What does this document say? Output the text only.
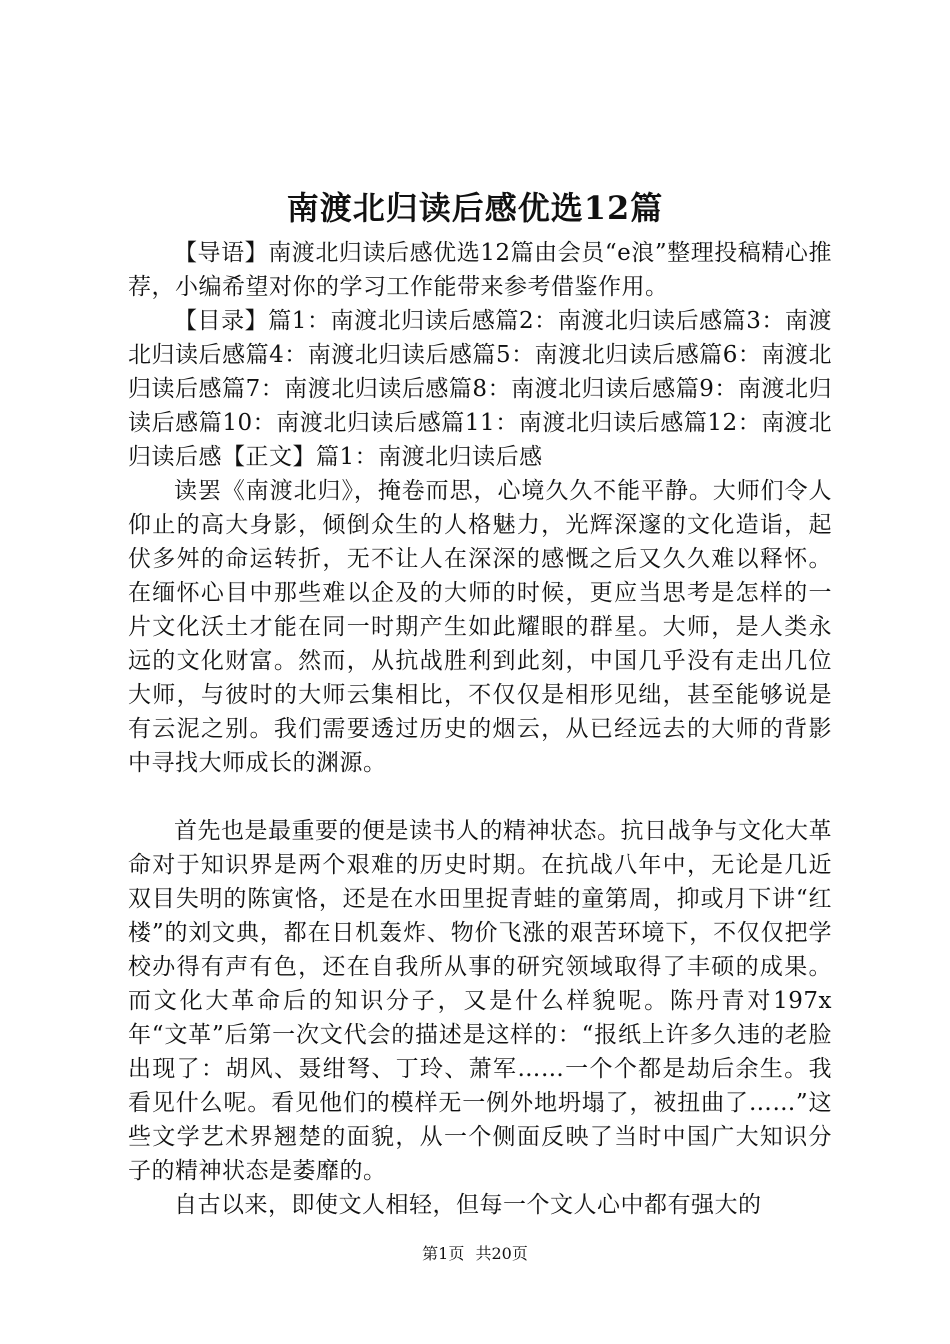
南渡北归读后感优选12篇

【导语】南渡北归读后感优选12篇由会员“e浪”整理投稿精心推荐，小编希望对你的学习工作能带来参考借鉴作用。

【目录】篇1：南渡北归读后感篇2：南渡北归读后感篇3：南渡北归读后感篇4：南渡北归读后感篇5：南渡北归读后感篇6：南渡北归读后感篇7：南渡北归读后感篇8：南渡北归读后感篇9：南渡北归读后感篇10：南渡北归读后感篇11：南渡北归读后感篇12：南渡北归读后感【正文】篇1：南渡北归读后感

读罢《南渡北归》，掩卷而思，心境久久不能平静。大师们令人仰止的高大身影，倾倒众生的人格魅力，光辉深邃的文化造诣，起伏多舛的命运转折，无不让人在深深的感慨之后又久久难以释怀。在缅怀心目中那些难以企及的大师的时候，更应当思考是怎样的一片文化沃土才能在同一时期产生如此耀眼的群星。大师，是人类永远的文化财富。然而，从抗战胜利到此刻，中国几乎没有走出几位大师，与彼时的大师云集相比，不仅仅是相形见绌，甚至能够说是有云泥之别。我们需要透过历史的烟云，从已经远去的大师的背影中寻找大师成长的渊源。

首先也是最重要的便是读书人的精神状态。抗日战争与文化大革命对于知识界是两个艰难的历史时期。在抗战八年中，无论是几近双目失明的陈寅恪，还是在水田里捉青蛙的童第周，抑或月下讲“红楼”的刘文典，都在日机轰炸、物价飞涨的艰苦环境下，不仅仅把学校办得有声有色，还在自我所从事的研究领域取得了丰硕的成果。而文化大革命后的知识分子，又是什么样貌呢。陈丹青对197x年“文革”后第一次文代会的描述是这样的：“报纸上许多久违的老脸出现了：胡风、聂绀弩、丁玲、萧军……一个个都是劫后余生。我看见什么呢。看见他们的模样无一例外地坍塌了，被扭曲了……”这些文学艺术界翘楚的面貌，从一个侧面反映了当时中国广大知识分子的精神状态是萎靡的。

自古以来，即使文人相轻，但每一个文人心中都有强大的

第1页 共20页
